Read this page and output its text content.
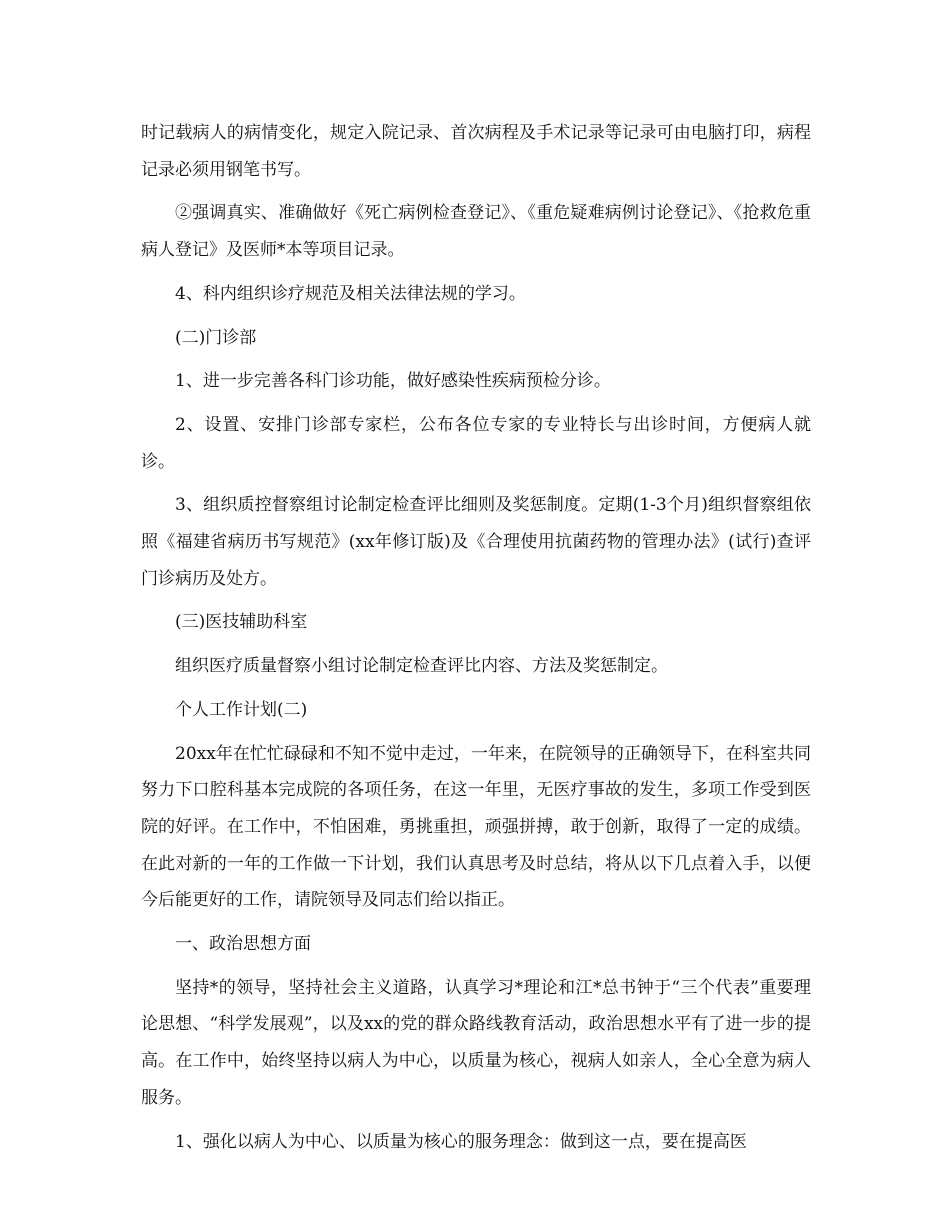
时记载病人的病情变化，规定入院记录、首次病程及手术记录等记录可由电脑打印，病程记录必须用钢笔书写。

②强调真实、准确做好《死亡病例检查登记》、《重危疑难病例讨论登记》、《抢救危重病人登记》及医师*本等项目记录。

4、科内组织诊疗规范及相关法律法规的学习。

(二)门诊部

1、进一步完善各科门诊功能，做好感染性疾病预检分诊。

2、设置、安排门诊部专家栏，公布各位专家的专业特长与出诊时间，方便病人就诊。

3、组织质控督察组讨论制定检查评比细则及奖惩制度。定期(1-3个月)组织督察组依照《福建省病历书写规范》(xx年修订版)及《合理使用抗菌药物的管理办法》(试行)查评门诊病历及处方。

(三)医技辅助科室

组织医疗质量督察小组讨论制定检查评比内容、方法及奖惩制定。

个人工作计划(二)

20xx年在忙忙碌碌和不知不觉中走过，一年来，在院领导的正确领导下，在科室共同努力下口腔科基本完成院的各项任务，在这一年里，无医疗事故的发生，多项工作受到医院的好评。在工作中，不怕困难，勇挑重担，顽强拼搏，敢于创新，取得了一定的成绩。在此对新的一年的工作做一下计划，我们认真思考及时总结，将从以下几点着入手，以便今后能更好的工作，请院领导及同志们给以指正。

一、政治思想方面

坚持*的领导，坚持社会主义道路，认真学习*理论和江*总书钟于“三个代表”重要理论思想、“科学发展观”，以及xx的党的群众路线教育活动，政治思想水平有了进一步的提高。在工作中，始终坚持以病人为中心，以质量为核心，视病人如亲人，全心全意为病人服务。

1、强化以病人为中心、以质量为核心的服务理念：做到这一点，要在提高医
